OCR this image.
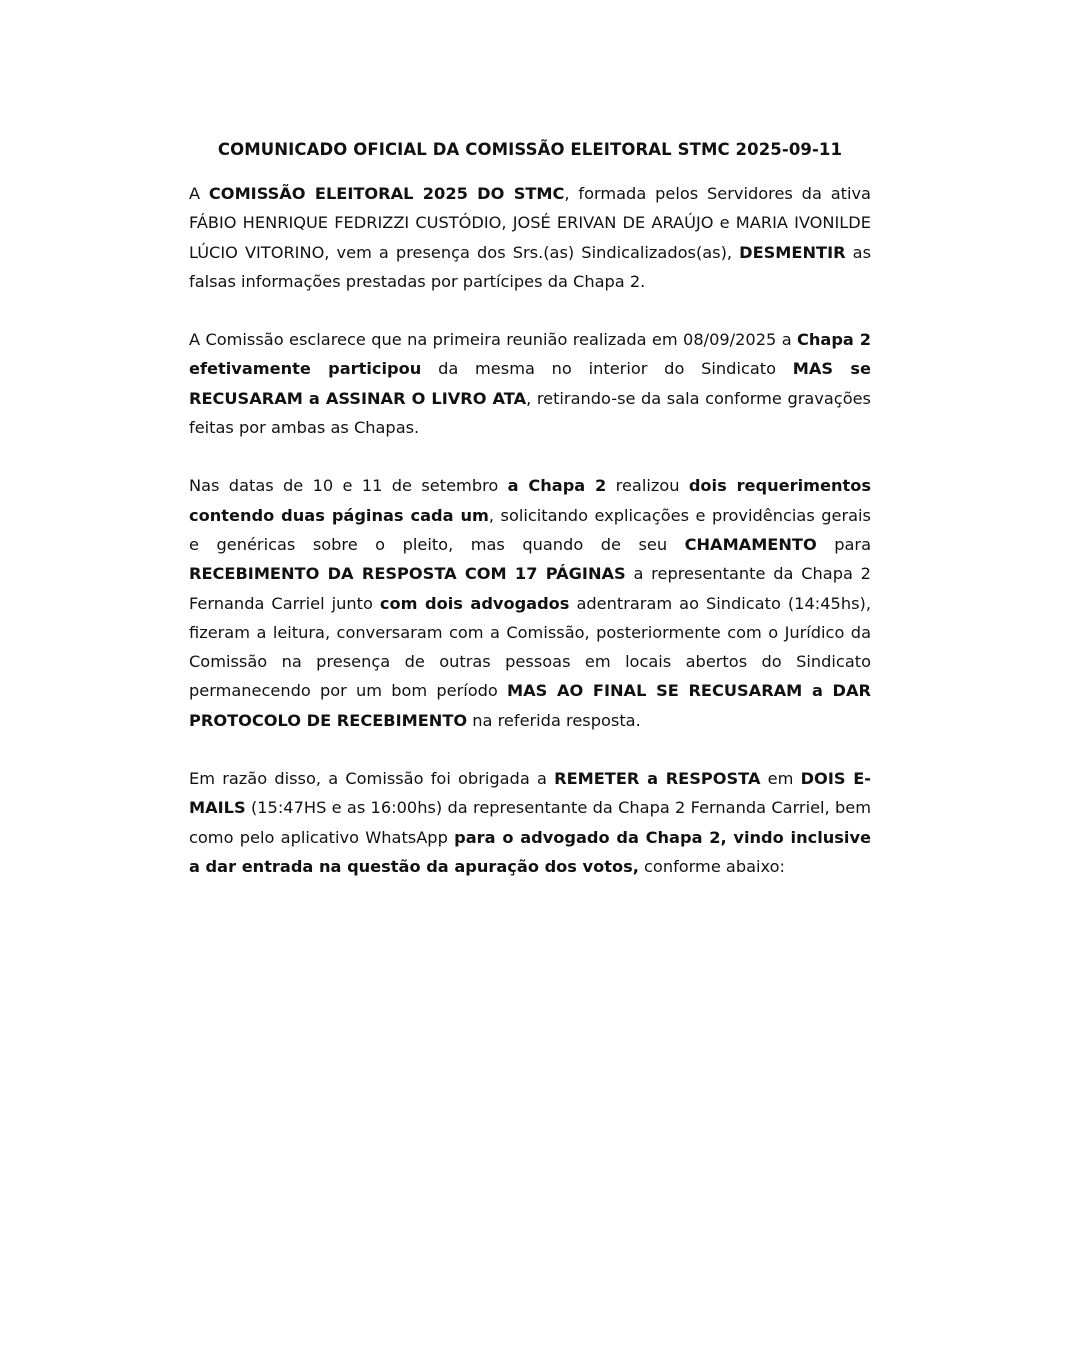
COMUNICADO OFICIAL DA COMISSÃO ELEITORAL STMC 2025-09-11

A COMISSÃO ELEITORAL 2025 DO STMC, formada pelos Servidores da ativa FÁBIO HENRIQUE FEDRIZZI CUSTÓDIO, JOSÉ ERIVAN DE ARAÚJO e MARIA IVONILDE LÚCIO VITORINO, vem a presença dos Srs.(as) Sindicalizados(as), DESMENTIR as falsas informações prestadas por partícipes da Chapa 2.

A Comissão esclarece que na primeira reunião realizada em 08/09/2025 a Chapa 2 efetivamente participou da mesma no interior do Sindicato MAS se RECUSARAM a ASSINAR O LIVRO ATA, retirando-se da sala conforme gravações feitas por ambas as Chapas.

Nas datas de 10 e 11 de setembro a Chapa 2 realizou dois requerimentos contendo duas páginas cada um, solicitando explicações e providências gerais e genéricas sobre o pleito, mas quando de seu CHAMAMENTO para RECEBIMENTO DA RESPOSTA COM 17 PÁGINAS a representante da Chapa 2 Fernanda Carriel junto com dois advogados adentraram ao Sindicato (14:45hs), fizeram a leitura, conversaram com a Comissão, posteriormente com o Jurídico da Comissão na presença de outras pessoas em locais abertos do Sindicato permanecendo por um bom período MAS AO FINAL SE RECUSARAM a DAR PROTOCOLO DE RECEBIMENTO na referida resposta.

Em razão disso, a Comissão foi obrigada a REMETER a RESPOSTA em DOIS E-MAILS (15:47HS e as 16:00hs) da representante da Chapa 2 Fernanda Carriel, bem como pelo aplicativo WhatsApp para o advogado da Chapa 2, vindo inclusive a dar entrada na questão da apuração dos votos, conforme abaixo:
